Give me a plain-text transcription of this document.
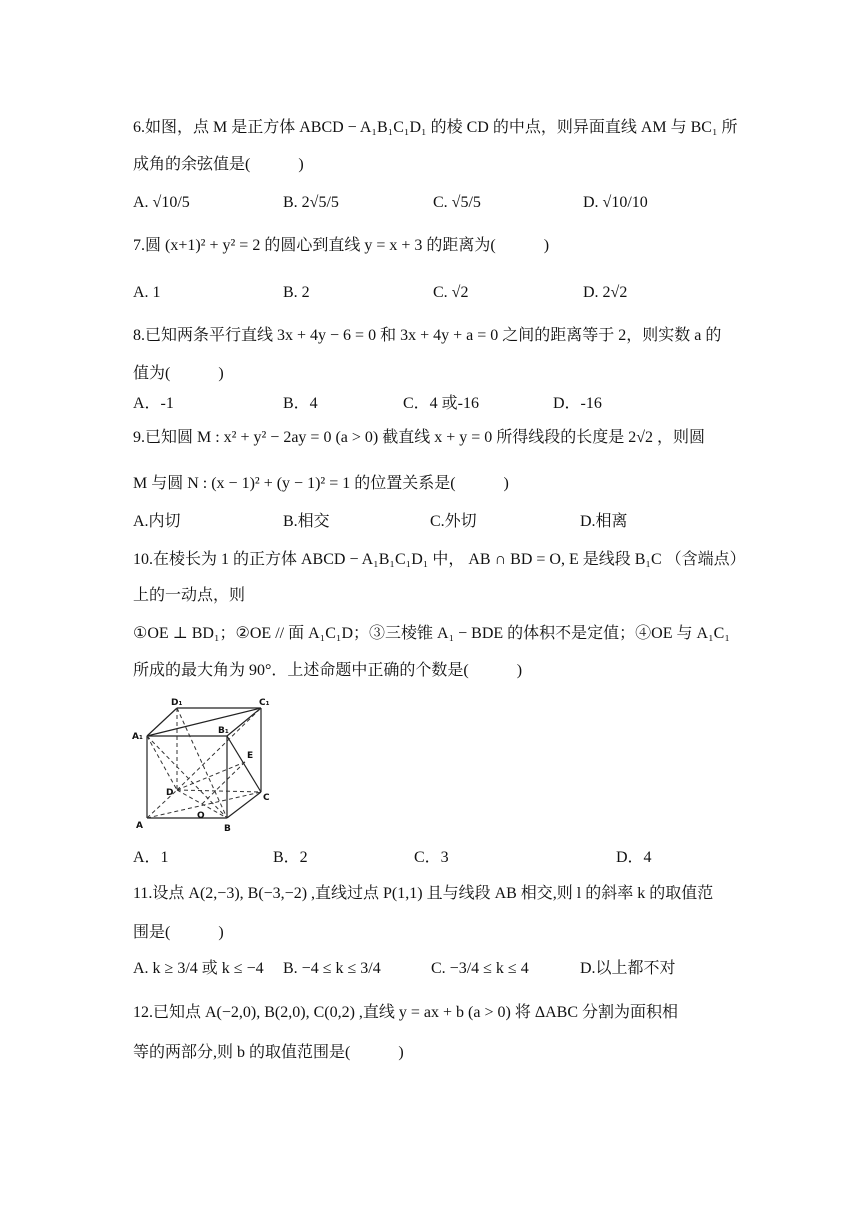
6.如图，点 M 是正方体 ABCD − A₁B₁C₁D₁ 的棱 CD 的中点，则异面直线 AM 与 BC₁ 所
成角的余弦值是(　　　)
A. √10/5	B. 2√5/5	C. √5/5	D. √10/10
7.圆 (x+1)² + y² = 2 的圆心到直线 y = x + 3 的距离为(　　　)
A. 1	B. 2	C. √2	D. 2√2
8.已知两条平行直线 3x + 4y − 6 = 0 和 3x + 4y + a = 0 之间的距离等于 2，则实数 a 的
值为(　　　)
A．-1	B．4	C．4 或-16	D．-16
9.已知圆 M : x² + y² − 2ay = 0 (a > 0) 截直线 x + y = 0 所得线段的长度是 2√2 ，则圆
M 与圆 N : (x − 1)² + (y − 1)² = 1 的位置关系是(　　　)
A.内切	B.相交	C.外切	D.相离
10.在棱长为 1 的正方体 ABCD − A₁B₁C₁D₁ 中， AB ∩ BD = O, E 是线段 B₁C （含端点）
上的一动点，则
①OE ⊥ BD₁；②OE // 面 A₁C₁D；③三棱锥 A₁ − BDE 的体积不是定值；④OE 与 A₁C₁
所成的最大角为 90°．上述命题中正确的个数是(　　　)
D₁	C₁
A₁
B₁
E
D	C
O
A	B
A．1	B．2	C．3	D．4
11.设点 A(2,−3), B(−3,−2) ,直线过点 P(1,1) 且与线段 AB 相交,则 l 的斜率 k 的取值范
围是(　　　)
A. k ≥ 3/4 或 k ≤ −4 B. −4 ≤ k ≤ 3/4	C. −3/4 ≤ k ≤ 4	D.以上都不对
12.已知点 A(−2,0), B(2,0), C(0,2) ,直线 y = ax + b (a > 0) 将 ΔABC 分割为面积相
等的两部分,则 b 的取值范围是(　　　)
